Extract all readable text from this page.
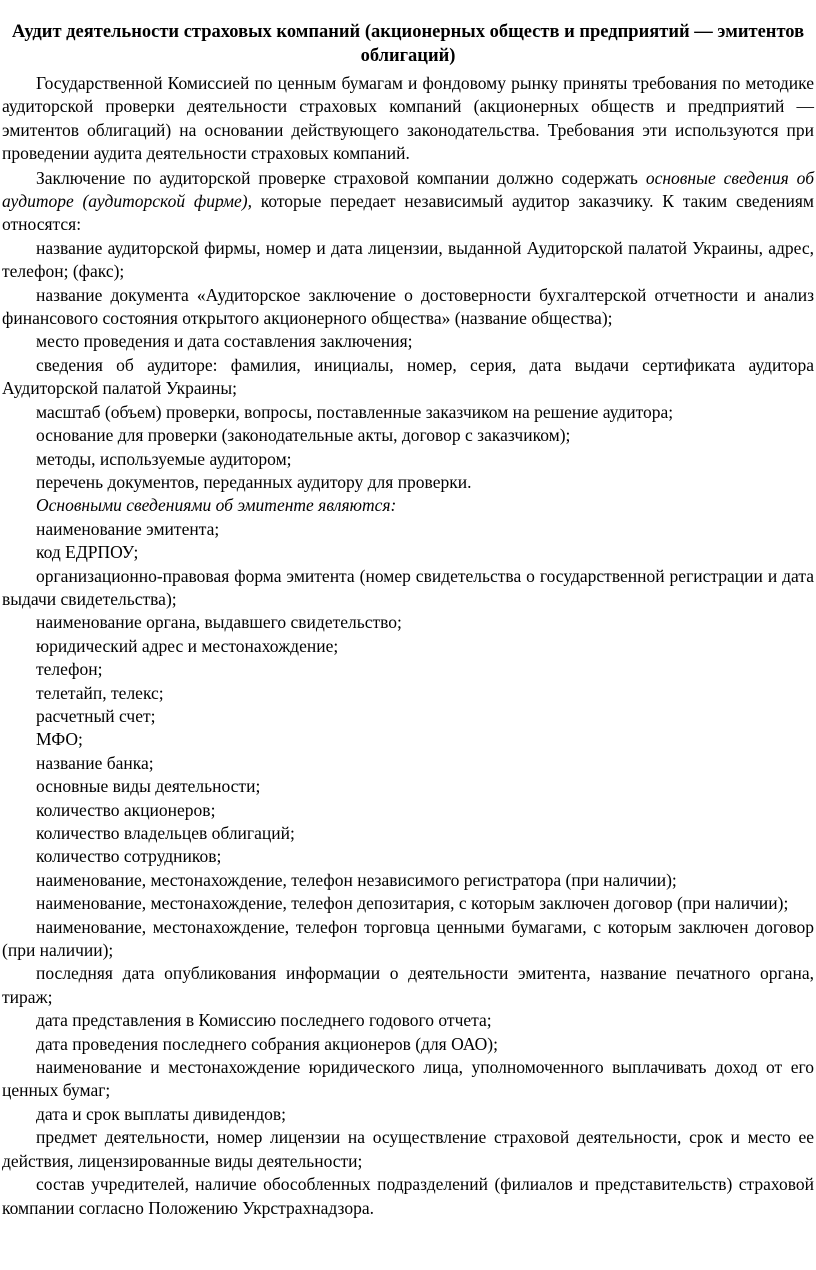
Аудит деятельности страховых компаний (акционерных обществ и предприятий — эмитентов облигаций)

Государственной Комиссией по ценным бумагам и фондовому рынку приняты требования по методике аудиторской проверки деятельности страховых компаний (акционерных обществ и предприятий — эмитентов облигаций) на основании действующего законодательства. Требования эти используются при проведении аудита деятельности страховых компаний.

Заключение по аудиторской проверке страховой компании должно содержать основные сведения об аудиторе (аудиторской фирме), которые передает независимый аудитор заказчику. К таким сведениям относятся:

название аудиторской фирмы, номер и дата лицензии, выданной Аудиторской палатой Украины, адрес, телефон; (факс);

название документа «Аудиторское заключение о достоверности бухгалтерской отчетности и анализ финансового состояния открытого акционерного общества» (название общества);

место проведения и дата составления заключения;

сведения об аудиторе: фамилия, инициалы, номер, серия, дата выдачи сертификата аудитора Аудиторской палатой Украины;

масштаб (объем) проверки, вопросы, поставленные заказчиком на решение аудитора;

основание для проверки (законодательные акты, договор с заказчиком);

методы, используемые аудитором;

перечень документов, переданных аудитору для проверки.

Основными сведениями об эмитенте являются:

наименование эмитента;

код ЕДРПОУ;

организационно-правовая форма эмитента (номер свидетельства о государственной регистрации и дата выдачи свидетельства);

наименование органа, выдавшего свидетельство;

юридический адрес и местонахождение;

телефон;

телетайп, телекс;

расчетный счет;

МФО;

название банка;

основные виды деятельности;

количество акционеров;

количество владельцев облигаций;

количество сотрудников;

наименование, местонахождение, телефон независимого регистратора (при наличии);

наименование, местонахождение, телефон депозитария, с которым заключен договор (при наличии);

наименование, местонахождение, телефон торговца ценными бумагами, с которым заключен договор (при наличии);

последняя дата опубликования информации о деятельности эмитента, название печатного органа, тираж;

дата представления в Комиссию последнего годового отчета;

дата проведения последнего собрания акционеров (для ОАО);

наименование и местонахождение юридического лица, уполномоченного выплачивать доход от его ценных бумаг;

дата и срок выплаты дивидендов;

предмет деятельности, номер лицензии на осуществление страховой деятельности, срок и место ее действия, лицензированные виды деятельности;

состав учредителей, наличие обособленных подразделений (филиалов и представительств) страховой компании согласно Положению Укрстрахнадзора.
